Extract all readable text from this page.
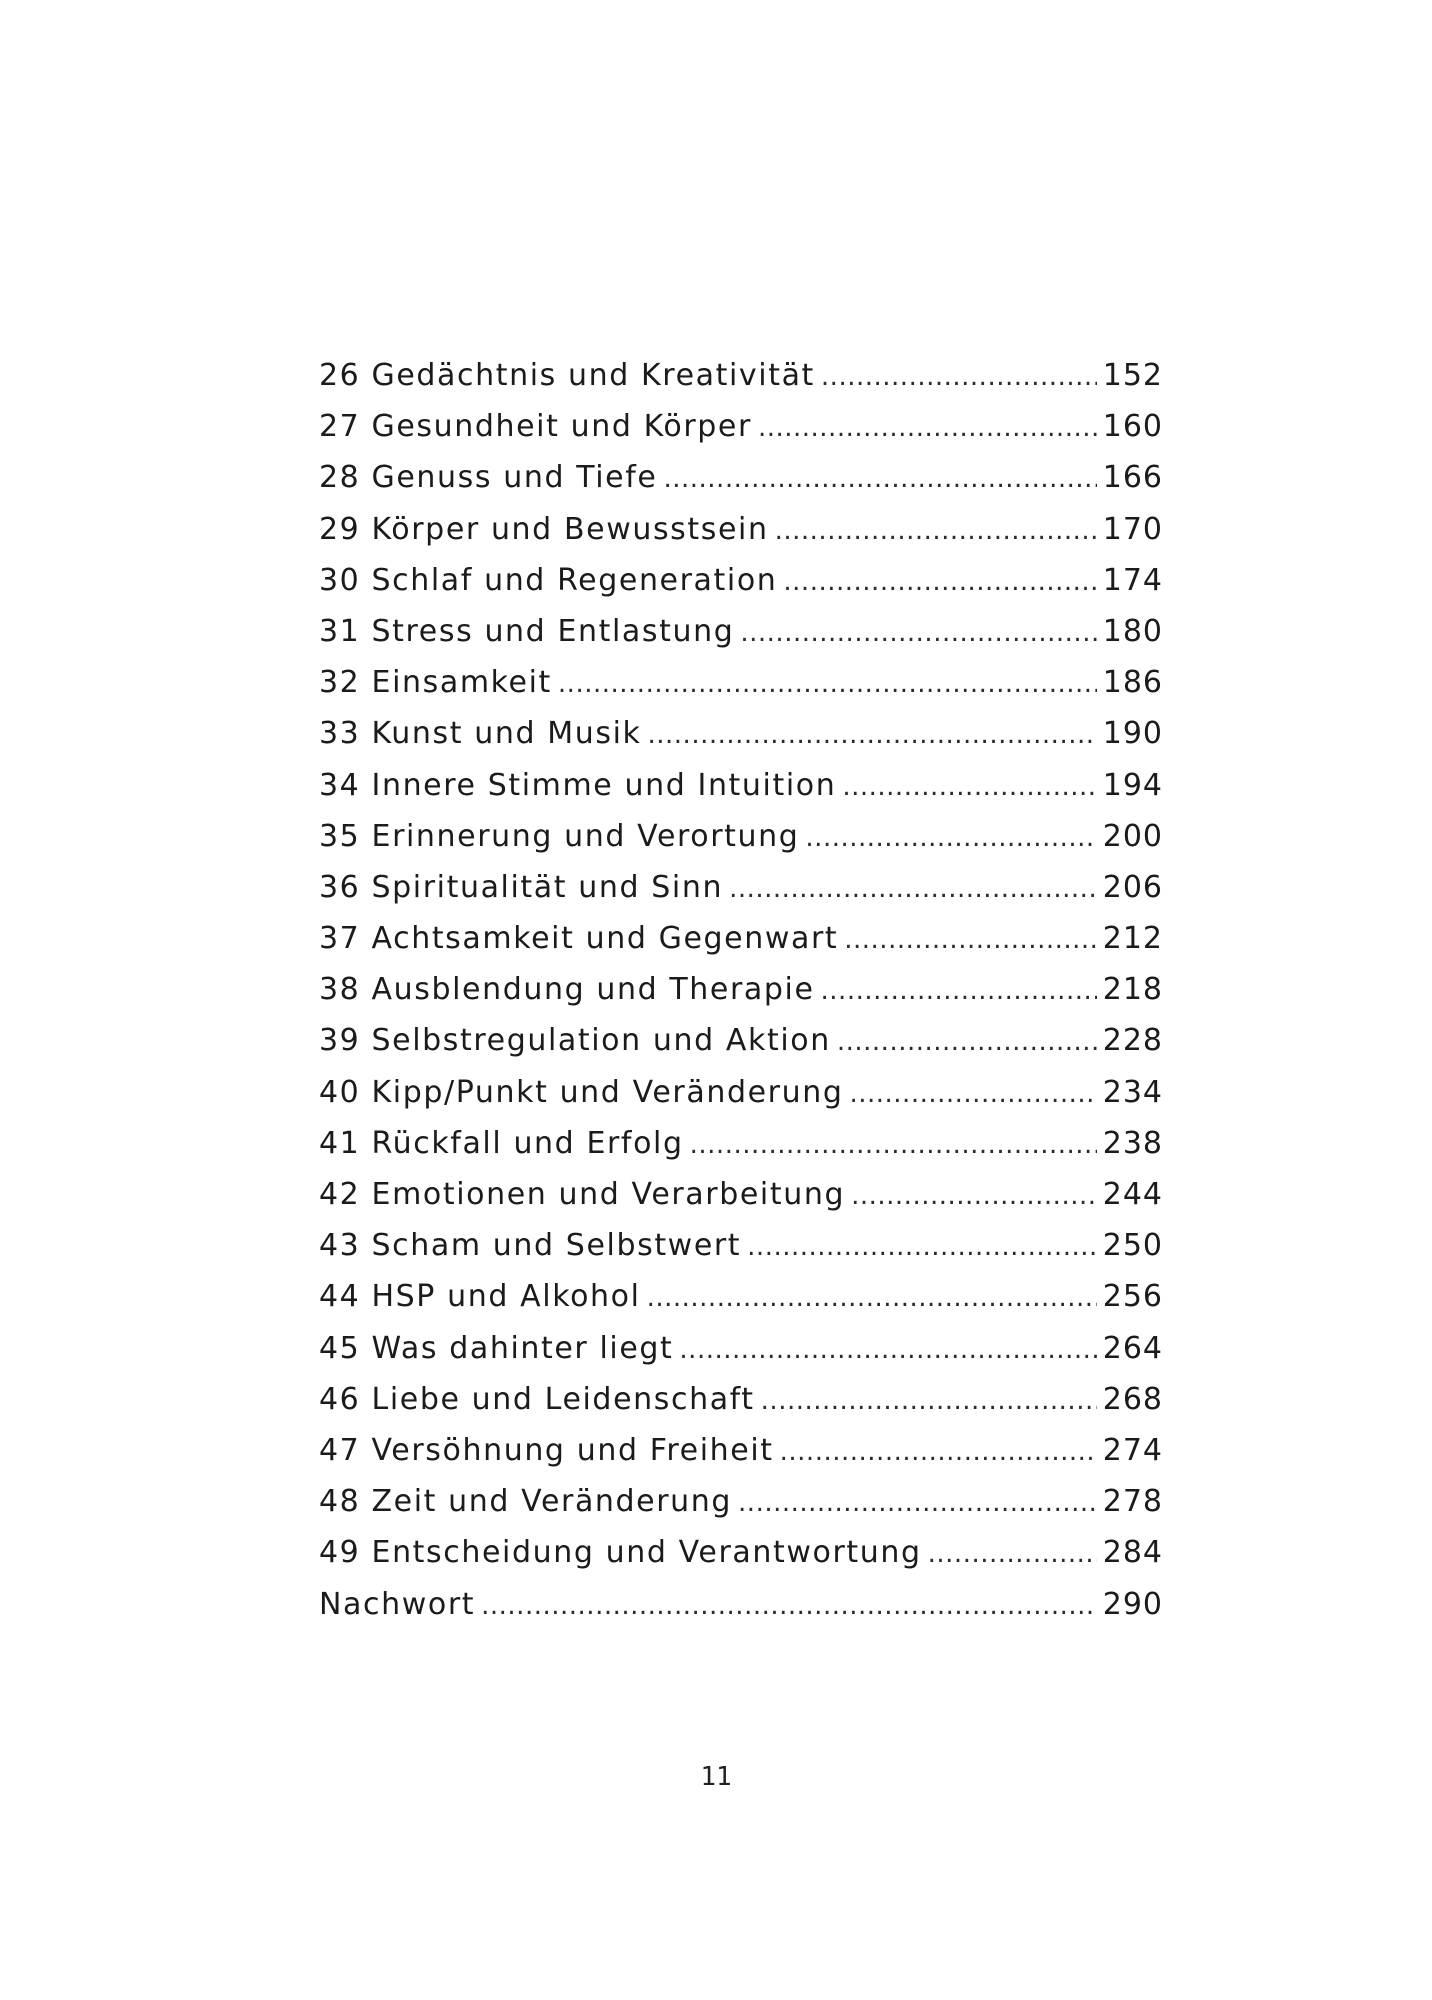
26 Gedächtnis und Kreativität .....	152
27 Gesundheit und Körper .....	160
28 Genuss und Tiefe .....	166
29 Körper und Bewusstsein .....	170
30 Schlaf und Regeneration .....	174
31 Stress und Entlastung .....	180
32 Einsamkeit .....	186
33 Kunst und Musik .....	190
34 Innere Stimme und Intuition .....	194
35 Erinnerung und Verortung .....	200
36 Spiritualität und Sinn .....	206
37 Achtsamkeit und Gegenwart .....	212
38 Ausblendung und Therapie .....	218
39 Selbstregulation und Aktion .....	228
40 Kipp/Punkt und Veränderung .....	234
41 Rückfall und Erfolg .....	238
42 Emotionen und Verarbeitung .....	244
43 Scham und Selbstwert .....	250
44 HSP und Alkohol .....	256
45 Was dahinter liegt .....	264
46 Liebe und Leidenschaft .....	268
47 Versöhnung und Freiheit .....	274
48 Zeit und Veränderung .....	278
49 Entscheidung und Verantwortung .....	284
Nachwort .....	290
11
